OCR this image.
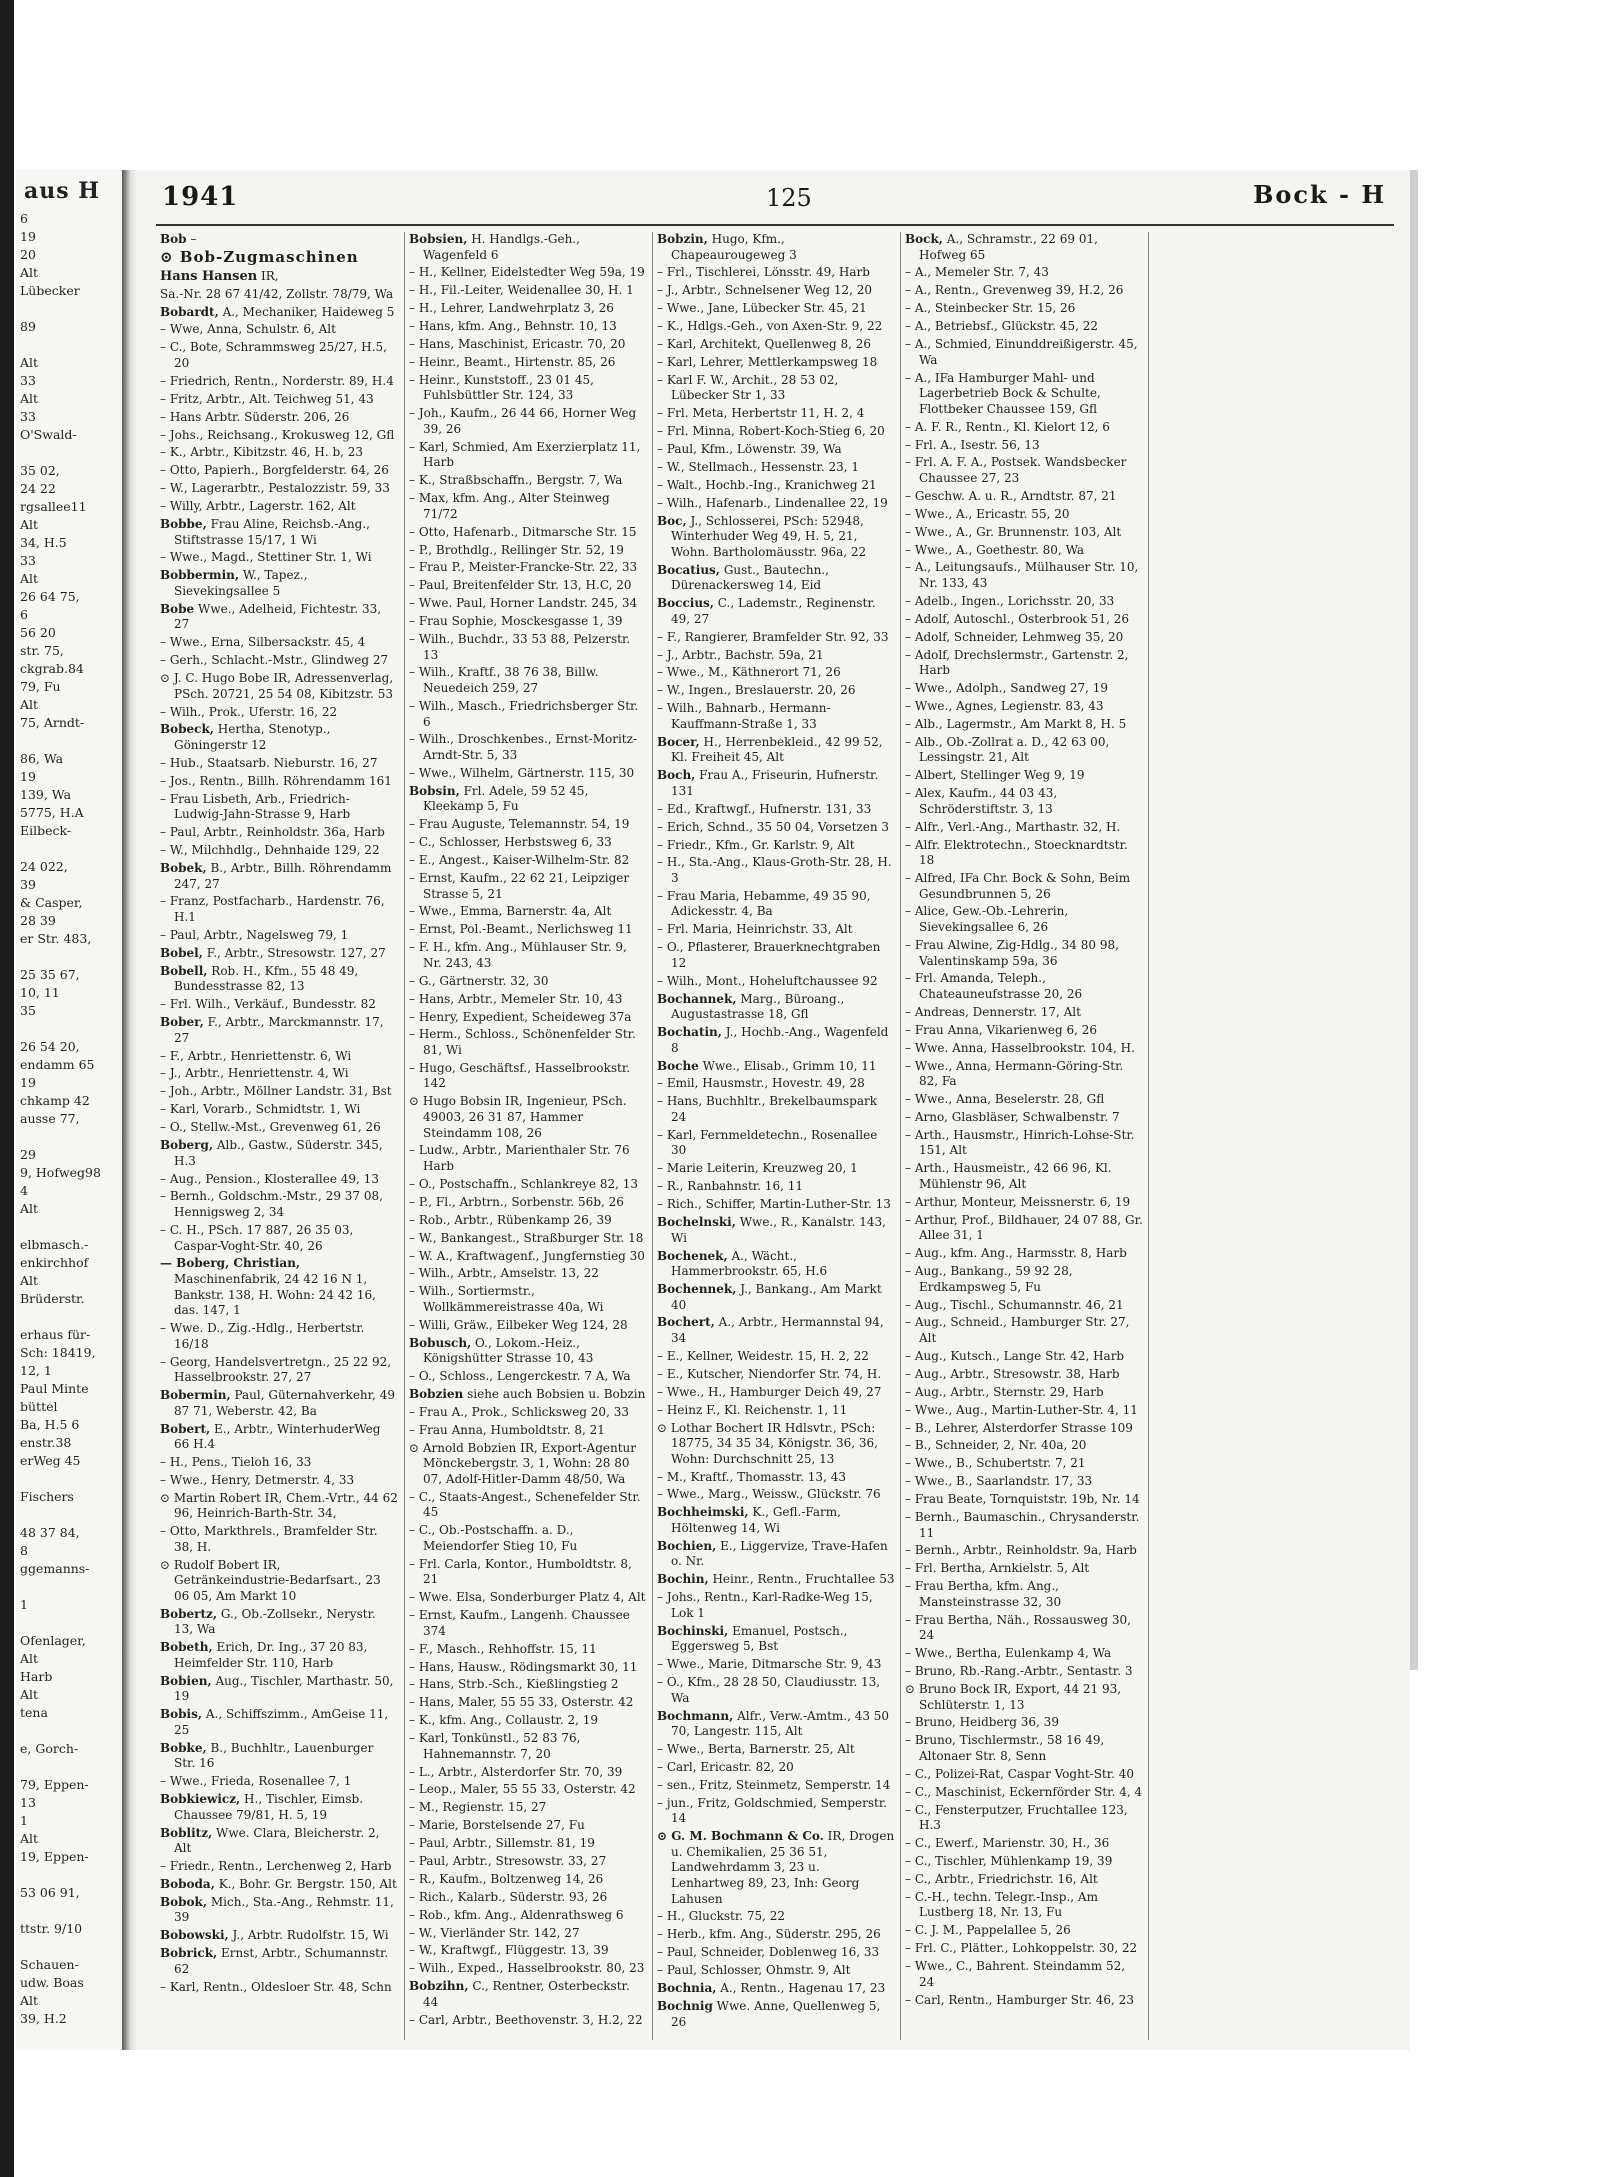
aus H
6
19
20
Alt
Lübecker

89

Alt
33
Alt
33
O'Swald-

35 02,
24 22
rgsallee11
Alt
34, H.5
33
Alt
26 64 75,
6
56 20
str. 75,
ckgrab.84
79, Fu
Alt
75, Arndt-

86, Wa
19
139, Wa
5775, H.A
Eilbeck-

24 022,
39
& Casper,
28 39
er Str. 483,

25 35 67,
10, 11
35

26 54 20,
endamm 65
19
chkamp 42
ausse 77,

29
9, Hofweg98
4
Alt

elbmasch.-
enkirchhof
Alt
Brüderstr.

erhaus für-
Sch: 18419,
12, 1
Paul Minte
büttel
Ba, H.5 6
enstr.38
erWeg 45

Fischers

48 37 84,
8
ggemanns-

1

Ofenlager,
Alt
Harb
Alt
tena

e, Gorch-

79, Eppen-
13
1
Alt
19, Eppen-

53 06 91,

ttstr. 9/10

Schauen-
udw. Boas
Alt
39, H.2
1941	125	Bock - H
Bob –
⊙ Bob-Zugmaschinen
Hans Hansen IR,
Sa.-Nr. 28 67 41/42, Zollstr. 78/79, Wa
Bobardt, A., Mechaniker, Haideweg 5
– Wwe, Anna, Schulstr. 6, Alt
– C., Bote, Schrammsweg 25/27, H.5, 20
– Friedrich, Rentn., Norderstr. 89, H.4
– Fritz, Arbtr., Alt. Teichweg 51, 43
– Hans Arbtr. Süderstr. 206, 26
– Johs., Reichsang., Krokusweg 12, Gfl
– K., Arbtr., Kibitzstr. 46, H. b, 23
– Otto, Papierh., Borgfelderstr. 64, 26
– W., Lagerarbtr., Pestalozzistr. 59, 33
– Willy, Arbtr., Lagerstr. 162, Alt
Bobbe, Frau Aline, Reichsb.-Ang., Stiftstrasse 15/17, 1 Wi
– Wwe., Magd., Stettiner Str. 1, Wi
Bobbermin, W., Tapez., Sievekingsallee 5
Bobe Wwe., Adelheid, Fichtestr. 33, 27
– Wwe., Erna, Silbersackstr. 45, 4
– Gerh., Schlacht.-Mstr., Glindweg 27
⊙ J. C. Hugo Bobe IR, Adressenverlag, PSch. 20721, 25 54 08, Kibitzstr. 53
– Wilh., Prok., Uferstr. 16, 22
Bobeck, Hertha, Stenotyp., Göningerstr 12
– Hub., Staatsarb. Nieburstr. 16, 27
– Jos., Rentn., Billh. Röhrendamm 161
– Frau Lisbeth, Arb., Friedrich-Ludwig-Jahn-Strasse 9, Harb
– Paul, Arbtr., Reinholdstr. 36a, Harb
– W., Milchhdlg., Dehnhaide 129, 22
Bobek, B., Arbtr., Billh. Röhrendamm 247, 27
– Franz, Postfacharb., Hardenstr. 76, H.1
– Paul, Arbtr., Nagelsweg 79, 1
Bobel, F., Arbtr., Stresowstr. 127, 27
Bobell, Rob. H., Kfm., 55 48 49, Bundesstrasse 82, 13
– Frl. Wilh., Verkäuf., Bundesstr. 82
Bober, F., Arbtr., Marckmannstr. 17, 27
– F., Arbtr., Henriettenstr. 6, Wi
– J., Arbtr., Henriettenstr. 4, Wi
– Joh., Arbtr., Möllner Landstr. 31, Bst
– Karl, Vorarb., Schmidtstr. 1, Wi
– O., Stellw.-Mst., Grevenweg 61, 26
Boberg, Alb., Gastw., Süderstr. 345, H.3
– Aug., Pension., Klosterallee 49, 13
– Bernh., Goldschm.-Mstr., 29 37 08, Hennigsweg 2, 34
– C. H., PSch. 17 887, 26 35 03, Caspar-Voght-Str. 40, 26
— Boberg, Christian, Maschinenfabrik, 24 42 16 N 1, Bankstr. 138, H. Wohn: 24 42 16, das. 147, 1
– Wwe. D., Zig.-Hdlg., Herbertstr. 16/18
– Georg, Handelsvertretgn., 25 22 92, Hasselbrookstr. 27, 27
Bobermin, Paul, Güternahverkehr, 49 87 71, Weberstr. 42, Ba
Bobert, E., Arbtr., WinterhuderWeg 66 H.4
– H., Pens., Tieloh 16, 33
– Wwe., Henry, Detmerstr. 4, 33
⊙ Martin Robert IR, Chem.-Vrtr., 44 62 96, Heinrich-Barth-Str. 34,
– Otto, Markthrels., Bramfelder Str. 38, H.
⊙ Rudolf Bobert IR, Getränkeindustrie-Bedarfsart., 23 06 05, Am Markt 10
Bobertz, G., Ob.-Zollsekr., Nerystr. 13, Wa
Bobeth, Erich, Dr. Ing., 37 20 83, Heimfelder Str. 110, Harb
Bobien, Aug., Tischler, Marthastr. 50, 19
Bobis, A., Schiffszimm., AmGeise 11, 25
Bobke, B., Buchhltr., Lauenburger Str. 16
– Wwe., Frieda, Rosenallee 7, 1
Bobkiewicz, H., Tischler, Eimsb. Chaussee 79/81, H. 5, 19
Boblitz, Wwe. Clara, Bleicherstr. 2, Alt
– Friedr., Rentn., Lerchenweg 2, Harb
Boboda, K., Bohr. Gr. Bergstr. 150, Alt
Bobok, Mich., Sta.-Ang., Rehmstr. 11, 39
Bobowski, J., Arbtr. Rudolfstr. 15, Wi
Bobrick, Ernst, Arbtr., Schumannstr. 62
– Karl, Rentn., Oldesloer Str. 48, Schn
Bobsien, H. Handlgs.-Geh., Wagenfeld 6
– H., Kellner, Eidelstedter Weg 59a, 19
– H., Fil.-Leiter, Weidenallee 30, H. 1
– H., Lehrer, Landwehrplatz 3, 26
– Hans, kfm. Ang., Behnstr. 10, 13
– Hans, Maschinist, Ericastr. 70, 20
– Heinr., Beamt., Hirtenstr. 85, 26
– Heinr., Kunststoff., 23 01 45, Fuhlsbüttler Str. 124, 33
– Joh., Kaufm., 26 44 66, Horner Weg 39, 26
– Karl, Schmied, Am Exerzierplatz 11, Harb
– K., Straßbschaffn., Bergstr. 7, Wa
– Max, kfm. Ang., Alter Steinweg 71/72
– Otto, Hafenarb., Ditmarsche Str. 15
– P., Brothdlg., Rellinger Str. 52, 19
– Frau P., Meister-Francke-Str. 22, 33
– Paul, Breitenfelder Str. 13, H.C, 20
– Wwe. Paul, Horner Landstr. 245, 34
– Frau Sophie, Mosckesgasse 1, 39
– Wilh., Buchdr., 33 53 88, Pelzerstr. 13
– Wilh., Kraftf., 38 76 38, Billw. Neuedeich 259, 27
– Wilh., Masch., Friedrichsberger Str. 6
– Wilh., Droschkenbes., Ernst-Moritz-Arndt-Str. 5, 33
– Wwe., Wilhelm, Gärtnerstr. 115, 30
Bobsin, Frl. Adele, 59 52 45, Kleekamp 5, Fu
– Frau Auguste, Telemannstr. 54, 19
– C., Schlosser, Herbstsweg 6, 33
– E., Angest., Kaiser-Wilhelm-Str. 82
– Ernst, Kaufm., 22 62 21, Leipziger Strasse 5, 21
– Wwe., Emma, Barnerstr. 4a, Alt
– Ernst, Pol.-Beamt., Nerlichsweg 11
– F. H., kfm. Ang., Mühlauser Str. 9, Nr. 243, 43
– G., Gärtnerstr. 32, 30
– Hans, Arbtr., Memeler Str. 10, 43
– Henry, Expedient, Scheideweg 37a
– Herm., Schloss., Schönenfelder Str. 81, Wi
– Hugo, Geschäftsf., Hasselbrookstr. 142
⊙ Hugo Bobsin IR, Ingenieur, PSch. 49003, 26 31 87, Hammer Steindamm 108, 26
– Ludw., Arbtr., Marienthaler Str. 76 Harb
– O., Postschaffn., Schlankreye 82, 13
– P., Fl., Arbtrn., Sorbenstr. 56b, 26
– Rob., Arbtr., Rübenkamp 26, 39
– W., Bankangest., Straßburger Str. 18
– W. A., Kraftwagenf., Jungfernstieg 30
– Wilh., Arbtr., Amselstr. 13, 22
– Wilh., Sortiermstr., Wollkämmereistrasse 40a, Wi
– Willi, Gräw., Eilbeker Weg 124, 28
Bobusch, O., Lokom.-Heiz., Königshütter Strasse 10, 43
– O., Schloss., Lengerckestr. 7 A, Wa
Bobzien siehe auch Bobsien u. Bobzin
– Frau A., Prok., Schlicksweg 20, 33
– Frau Anna, Humboldtstr. 8, 21
⊙ Arnold Bobzien IR, Export-Agentur Mönckebergstr. 3, 1, Wohn: 28 80 07, Adolf-Hitler-Damm 48/50, Wa
– C., Staats-Angest., Schenefelder Str. 45
– C., Ob.-Postschaffn. a. D., Meiendorfer Stieg 10, Fu
– Frl. Carla, Kontor., Humboldtstr. 8, 21
– Wwe. Elsa, Sonderburger Platz 4, Alt
– Ernst, Kaufm., Langenh. Chaussee 374
– F., Masch., Rehhoffstr. 15, 11
– Hans, Hausw., Rödingsmarkt 30, 11
– Hans, Strb.-Sch., Kießlingstieg 2
– Hans, Maler, 55 55 33, Osterstr. 42
– K., kfm. Ang., Collaustr. 2, 19
– Karl, Tonkünstl., 52 83 76, Hahnemannstr. 7, 20
– L., Arbtr., Alsterdorfer Str. 70, 39
– Leop., Maler, 55 55 33, Osterstr. 42
– M., Regienstr. 15, 27
– Marie, Borstelsende 27, Fu
– Paul, Arbtr., Sillemstr. 81, 19
– Paul, Arbtr., Stresowstr. 33, 27
– R., Kaufm., Boltzenweg 14, 26
– Rich., Kalarb., Süderstr. 93, 26
– Rob., kfm. Ang., Aldenrathsweg 6
– W., Vierländer Str. 142, 27
– W., Kraftwgf., Flüggestr. 13, 39
– Wilh., Exped., Hasselbrookstr. 80, 23
Bobzihn, C., Rentner, Osterbeckstr. 44
– Carl, Arbtr., Beethovenstr. 3, H.2, 22
Bobzin, Hugo, Kfm., Chapeaurougeweg 3
– Frl., Tischlerei, Lönsstr. 49, Harb
– J., Arbtr., Schnelsener Weg 12, 20
– Wwe., Jane, Lübecker Str. 45, 21
– K., Hdlgs.-Geh., von Axen-Str. 9, 22
– Karl, Architekt, Quellenweg 8, 26
– Karl, Lehrer, Mettlerkampsweg 18
– Karl F. W., Archit., 28 53 02, Lübecker Str 1, 33
– Frl. Meta, Herbertstr 11, H. 2, 4
– Frl. Minna, Robert-Koch-Stieg 6, 20
– Paul, Kfm., Löwenstr. 39, Wa
– W., Stellmach., Hessenstr. 23, 1
– Walt., Hochb.-Ing., Kranichweg 21
– Wilh., Hafenarb., Lindenallee 22, 19
Boc, J., Schlosserei, PSch: 52948, Winterhuder Weg 49, H. 5, 21, Wohn. Bartholomäusstr. 96a, 22
Bocatius, Gust., Bautechn., Dürenackersweg 14, Eid
Boccius, C., Lademstr., Reginenstr. 49, 27
– F., Rangierer, Bramfelder Str. 92, 33
– J., Arbtr., Bachstr. 59a, 21
– Wwe., M., Käthnerort 71, 26
– W., Ingen., Breslauerstr. 20, 26
– Wilh., Bahnarb., Hermann-Kauffmann-Straße 1, 33
Bocer, H., Herrenbekleid., 42 99 52, Kl. Freiheit 45, Alt
Boch, Frau A., Friseurin, Hufnerstr. 131
– Ed., Kraftwgf., Hufnerstr. 131, 33
– Erich, Schnd., 35 50 04, Vorsetzen 3
– Friedr., Kfm., Gr. Karlstr. 9, Alt
– H., Sta.-Ang., Klaus-Groth-Str. 28, H. 3
– Frau Maria, Hebamme, 49 35 90, Adickesstr. 4, Ba
– Frl. Maria, Heinrichstr. 33, Alt
– O., Pflasterer, Brauerknechtgraben 12
– Wilh., Mont., Hoheluftchaussee 92
Bochannek, Marg., Büroang., Augustastrasse 18, Gfl
Bochatin, J., Hochb.-Ang., Wagenfeld 8
Boche Wwe., Elisab., Grimm 10, 11
– Emil, Hausmstr., Hovestr. 49, 28
– Hans, Buchhltr., Brekelbaumspark 24
– Karl, Fernmeldetechn., Rosenallee 30
– Marie Leiterin, Kreuzweg 20, 1
– R., Ranbahnstr. 16, 11
– Rich., Schiffer, Martin-Luther-Str. 13
Bochelnski, Wwe., R., Kanalstr. 143, Wi
Bochenek, A., Wächt., Hammerbrookstr. 65, H.6
Bochennek, J., Bankang., Am Markt 40
Bochert, A., Arbtr., Hermannstal 94, 34
– E., Kellner, Weidestr. 15, H. 2, 22
– E., Kutscher, Niendorfer Str. 74, H.
– Wwe., H., Hamburger Deich 49, 27
– Heinz F., Kl. Reichenstr. 1, 11
⊙ Lothar Bochert IR Hdlsvtr., PSch: 18775, 34 35 34, Königstr. 36, 36, Wohn: Durchschnitt 25, 13
– M., Kraftf., Thomasstr. 13, 43
– Wwe., Marg., Weissw., Glückstr. 76
Bochheimski, K., Gefl.-Farm, Höltenweg 14, Wi
Bochien, E., Liggervize, Trave-Hafen o. Nr.
Bochin, Heinr., Rentn., Fruchtallee 53
– Johs., Rentn., Karl-Radke-Weg 15, Lok 1
Bochinski, Emanuel, Postsch., Eggersweg 5, Bst
– Wwe., Marie, Ditmarsche Str. 9, 43
– O., Kfm., 28 28 50, Claudiusstr. 13, Wa
Bochmann, Alfr., Verw.-Amtm., 43 50 70, Langestr. 115, Alt
– Wwe., Berta, Barnerstr. 25, Alt
– Carl, Ericastr. 82, 20
– sen., Fritz, Steinmetz, Semperstr. 14
– jun., Fritz, Goldschmied, Semperstr. 14
⊙ G. M. Bochmann & Co. IR, Drogen u. Chemikalien, 25 36 51, Landwehrdamm 3, 23 u. Lenhartweg 89, 23, Inh: Georg Lahusen
– H., Gluckstr. 75, 22
– Herb., kfm. Ang., Süderstr. 295, 26
– Paul, Schneider, Doblenweg 16, 33
– Paul, Schlosser, Ohmstr. 9, Alt
Bochnia, A., Rentn., Hagenau 17, 23
Bochnig Wwe. Anne, Quellenweg 5, 26
Bock, A., Schramstr., 22 69 01, Hofweg 65
– A., Memeler Str. 7, 43
– A., Rentn., Grevenweg 39, H.2, 26
– A., Steinbecker Str. 15, 26
– A., Betriebsf., Glückstr. 45, 22
– A., Schmied, Einunddreißigerstr. 45, Wa
– A., IFa Hamburger Mahl- und Lagerbetrieb Bock & Schulte, Flottbeker Chaussee 159, Gfl
– A. F. R., Rentn., Kl. Kielort 12, 6
– Frl. A., Isestr. 56, 13
– Frl. A. F. A., Postsek. Wandsbecker Chaussee 27, 23
– Geschw. A. u. R., Arndtstr. 87, 21
– Wwe., A., Ericastr. 55, 20
– Wwe., A., Gr. Brunnenstr. 103, Alt
– Wwe., A., Goethestr. 80, Wa
– A., Leitungsaufs., Mülhauser Str. 10, Nr. 133, 43
– Adelb., Ingen., Lorichsstr. 20, 33
– Adolf, Autoschl., Osterbrook 51, 26
– Adolf, Schneider, Lehmweg 35, 20
– Adolf, Drechslermstr., Gartenstr. 2, Harb
– Wwe., Adolph., Sandweg 27, 19
– Wwe., Agnes, Legienstr. 83, 43
– Alb., Lagermstr., Am Markt 8, H. 5
– Alb., Ob.-Zollrat a. D., 42 63 00, Lessingstr. 21, Alt
– Albert, Stellinger Weg 9, 19
– Alex, Kaufm., 44 03 43, Schröderstiftstr. 3, 13
– Alfr., Verl.-Ang., Marthastr. 32, H.
– Alfr. Elektrotechn., Stoecknardtstr. 18
– Alfred, IFa Chr. Bock & Sohn, Beim Gesundbrunnen 5, 26
– Alice, Gew.-Ob.-Lehrerin, Sievekingsallee 6, 26
– Frau Alwine, Zig-Hdlg., 34 80 98, Valentinskamp 59a, 36
– Frl. Amanda, Teleph., Chateauneufstrasse 20, 26
– Andreas, Dennerstr. 17, Alt
– Frau Anna, Vikarienweg 6, 26
– Wwe. Anna, Hasselbrookstr. 104, H.
– Wwe., Anna, Hermann-Göring-Str. 82, Fa
– Wwe., Anna, Beselerstr. 28, Gfl
– Arno, Glasbläser, Schwalbenstr. 7
– Arth., Hausmstr., Hinrich-Lohse-Str. 151, Alt
– Arth., Hausmeistr., 42 66 96, Kl. Mühlenstr 96, Alt
– Arthur, Monteur, Meissnerstr. 6, 19
– Arthur, Prof., Bildhauer, 24 07 88, Gr. Allee 31, 1
– Aug., kfm. Ang., Harmsstr. 8, Harb
– Aug., Bankang., 59 92 28, Erdkampsweg 5, Fu
– Aug., Tischl., Schumannstr. 46, 21
– Aug., Schneid., Hamburger Str. 27, Alt
– Aug., Kutsch., Lange Str. 42, Harb
– Aug., Arbtr., Stresowstr. 38, Harb
– Aug., Arbtr., Sternstr. 29, Harb
– Wwe., Aug., Martin-Luther-Str. 4, 11
– B., Lehrer, Alsterdorfer Strasse 109
– B., Schneider, 2, Nr. 40a, 20
– Wwe., B., Schubertstr. 7, 21
– Wwe., B., Saarlandstr. 17, 33
– Frau Beate, Tornquiststr. 19b, Nr. 14
– Bernh., Baumaschin., Chrysanderstr. 11
– Bernh., Arbtr., Reinholdstr. 9a, Harb
– Frl. Bertha, Arnkielstr. 5, Alt
– Frau Bertha, kfm. Ang., Mansteinstrasse 32, 30
– Frau Bertha, Näh., Rossausweg 30, 24
– Wwe., Bertha, Eulenkamp 4, Wa
– Bruno, Rb.-Rang.-Arbtr., Sentastr. 3
⊙ Bruno Bock IR, Export, 44 21 93, Schlüterstr. 1, 13
– Bruno, Heidberg 36, 39
– Bruno, Tischlermstr., 58 16 49, Altonaer Str. 8, Senn
– C., Polizei-Rat, Caspar Voght-Str. 40
– C., Maschinist, Eckernförder Str. 4, 4
– C., Fensterputzer, Fruchtallee 123, H.3
– C., Ewerf., Marienstr. 30, H., 36
– C., Tischler, Mühlenkamp 19, 39
– C., Arbtr., Friedrichstr. 16, Alt
– C.-H., techn. Telegr.-Insp., Am Lustberg 18, Nr. 13, Fu
– C. J. M., Pappelallee 5, 26
– Frl. C., Plätter., Lohkoppelstr. 30, 22
– Wwe., C., Bahrent. Steindamm 52, 24
– Carl, Rentn., Hamburger Str. 46, 23
